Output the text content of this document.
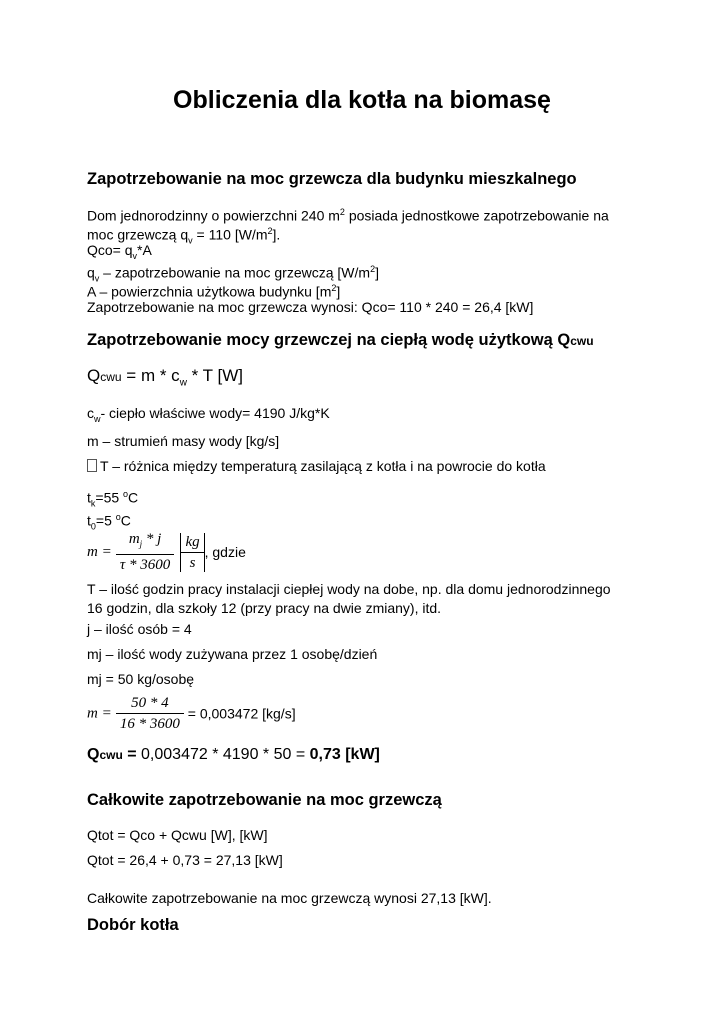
Obliczenia dla kotła na biomasę
Zapotrzebowanie na moc grzewcza dla budynku mieszkalnego
Dom jednorodzinny o powierzchni 240 $m^2$ posiada jednostkowe zapotrzebowanie na
moc grzewczą $q_v = 110$ $[W/m^2]$.
$Qco= q_v*A$
$q_v$ – zapotrzebowanie na moc grzewczą $[W/m^2]$
A – powierzchnia użytkowa budynku $[m^2]$
Zapotrzebowanie na moc grzewcza wynosi: Qco= 110 * 240 = 26,4 [kW]
Zapotrzebowanie mocy grzewczej na ciepłą wodę użytkową Qcwu
Qcwu = m * $c_w$ * T [W]
$c_w-$ ciepło właściwe wody= 4190 J/kg*K
m – strumień masy wody [kg/s]
T – różnica między temperaturą zasilającą z kotła i na powrocie do kotła
$t_k=55$ $^o$C
$t_0=5$ $^o$C
$m = \frac{m_j * j}{\tau * 3600}$
$\frac{kg}{s}$ , gdzie
T – ilość godzin pracy instalacji ciepłej wody na dobe, np. dla domu jednorodzinnego
16 godzin, dla szkoły 12 (przy pracy na dwie zmiany), itd.
j – ilość osób = 4
mj – ilość wody zużywana przez 1 osobę/dzień
mj = 50 kg/osobę
$m = \frac{50 * 4}{16 * 3600} = 0,003472$ [kg/s]
Qcwu = 0,003472 * 4190 * 50 = 0,73 [kW]
Całkowite zapotrzebowanie na moc grzewczą
Qtot = Qco + Qcwu [W], [kW]
Qtot = 26,4 + 0,73 = 27,13 [kW]
Całkowite zapotrzebowanie na moc grzewczą wynosi 27,13 [kW].
Dobór kotła
